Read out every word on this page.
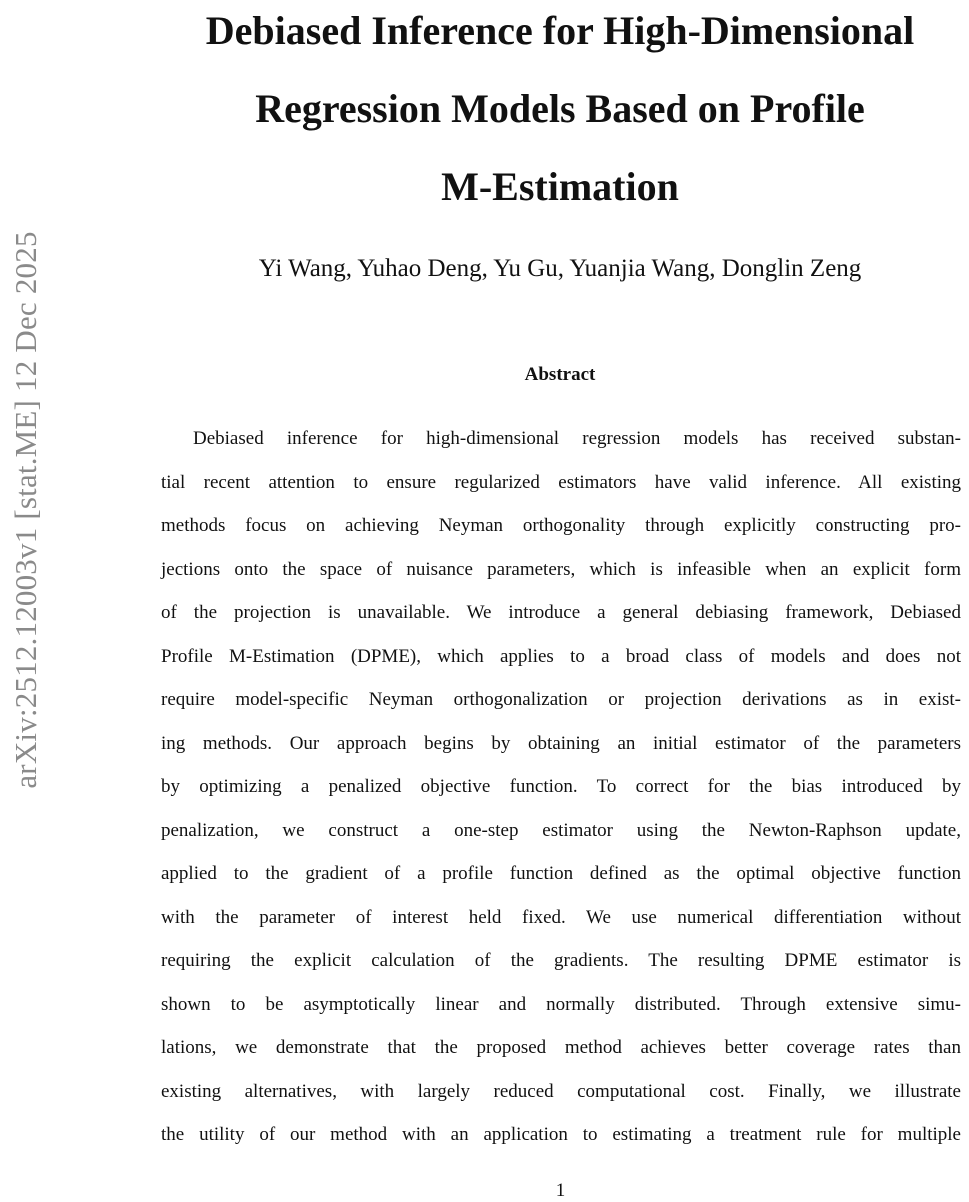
arXiv:2512.12003v1 [stat.ME] 12 Dec 2025
Debiased Inference for High-Dimensional
Regression Models Based on Profile
M-Estimation

Yi Wang, Yuhao Deng, Yu Gu, Yuanjia Wang, Donglin Zeng

Abstract

Debiased inference for high-dimensional regression models has received substan-
tial recent attention to ensure regularized estimators have valid inference. All existing
methods focus on achieving Neyman orthogonality through explicitly constructing pro-
jections onto the space of nuisance parameters, which is infeasible when an explicit form
of the projection is unavailable. We introduce a general debiasing framework, Debiased
Profile M-Estimation (DPME), which applies to a broad class of models and does not
require model-specific Neyman orthogonalization or projection derivations as in exist-
ing methods. Our approach begins by obtaining an initial estimator of the parameters
by optimizing a penalized objective function. To correct for the bias introduced by
penalization, we construct a one-step estimator using the Newton-Raphson update,
applied to the gradient of a profile function defined as the optimal objective function
with the parameter of interest held fixed. We use numerical differentiation without
requiring the explicit calculation of the gradients. The resulting DPME estimator is
shown to be asymptotically linear and normally distributed. Through extensive simu-
lations, we demonstrate that the proposed method achieves better coverage rates than
existing alternatives, with largely reduced computational cost. Finally, we illustrate
the utility of our method with an application to estimating a treatment rule for multiple
1
